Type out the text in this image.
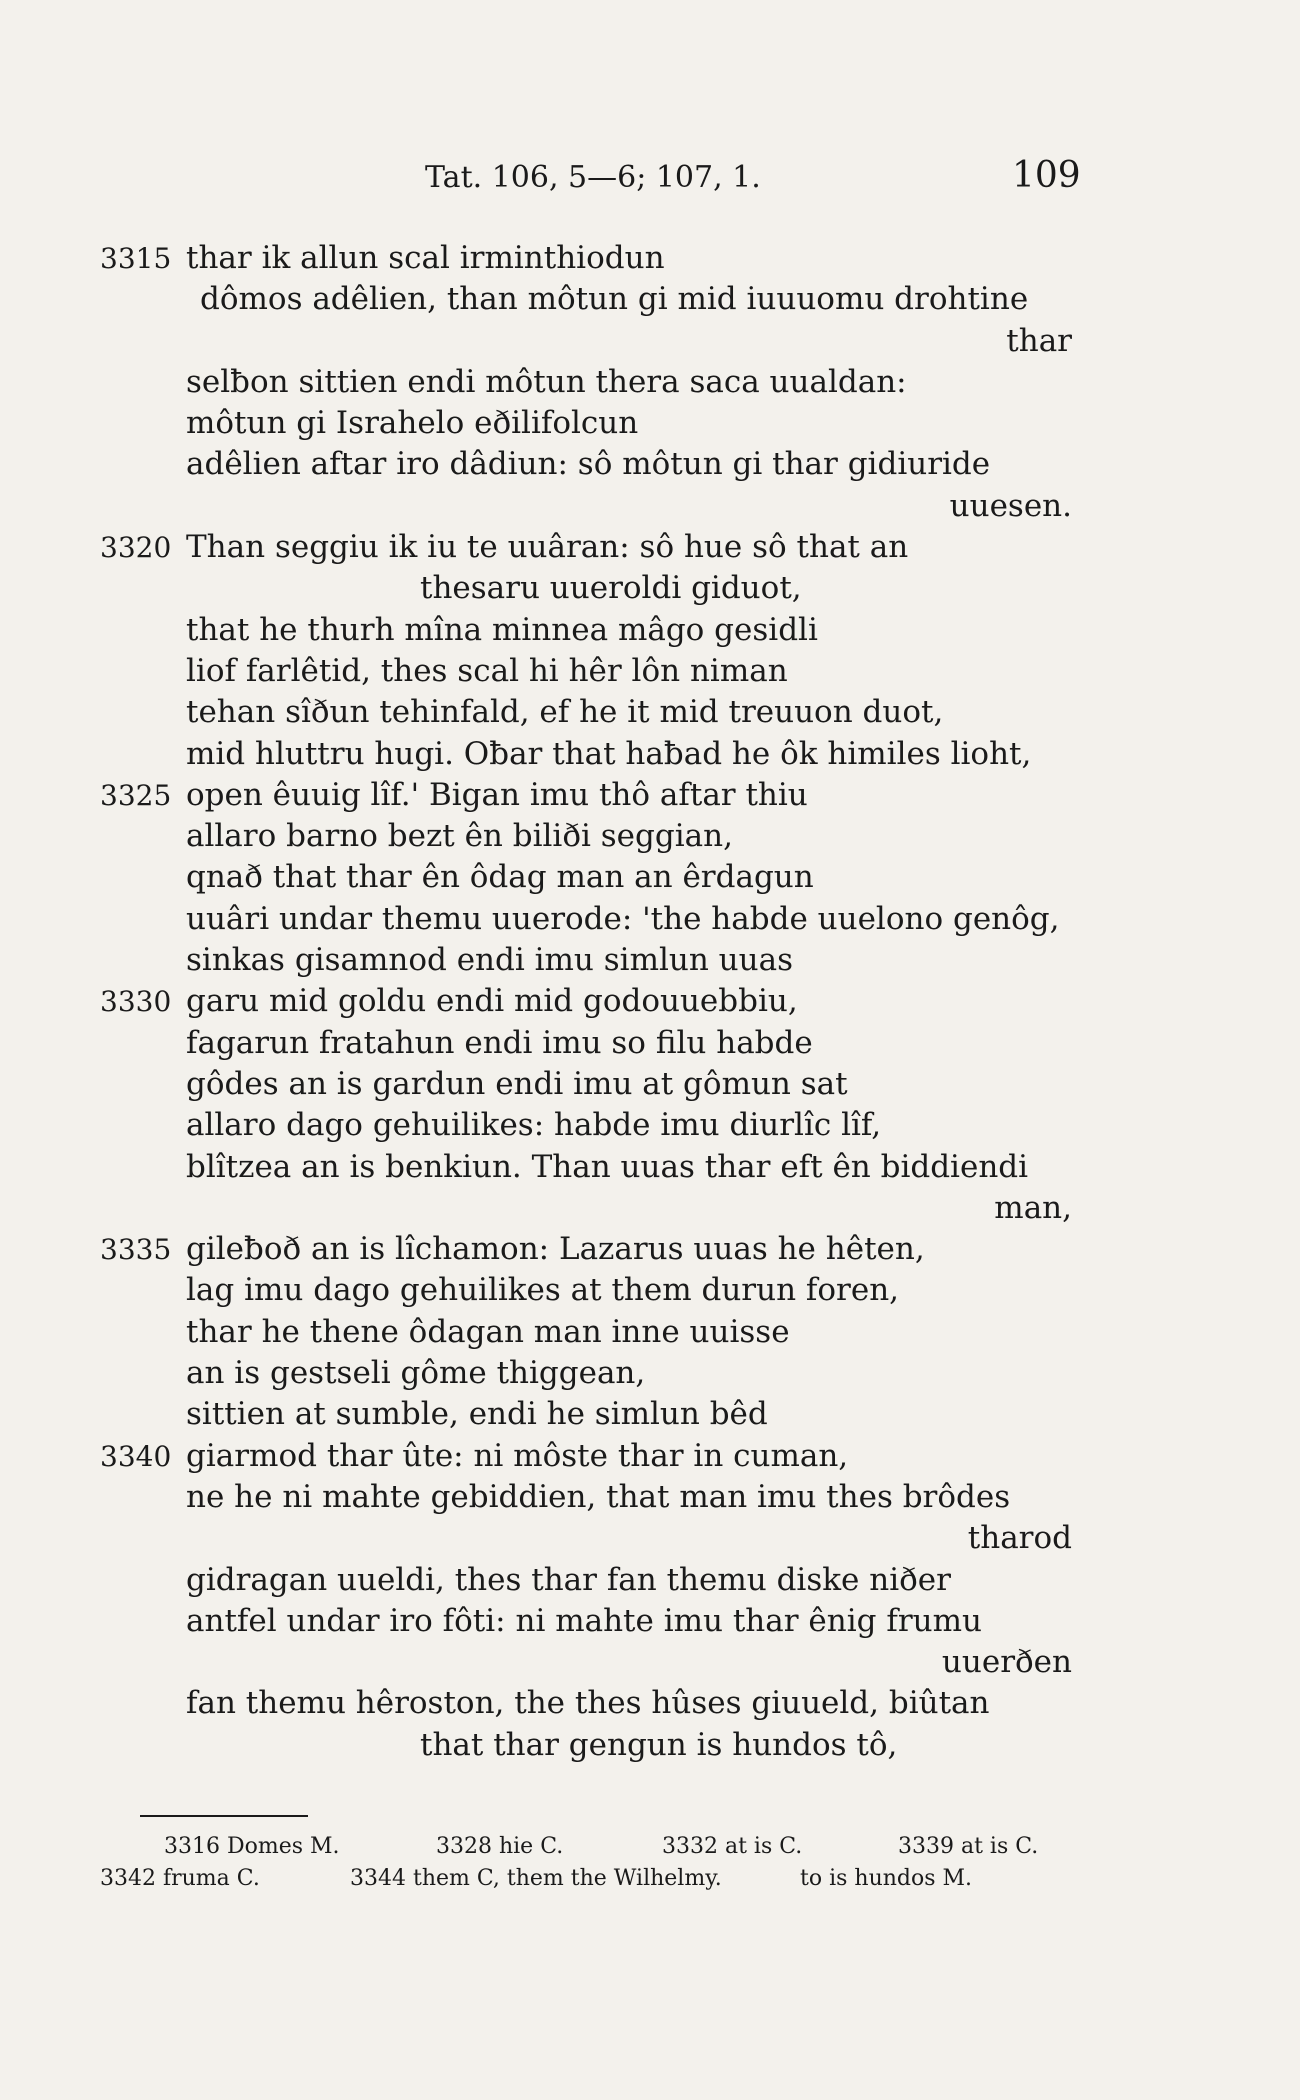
Tat. 106, 5—6; 107, 1.	109
3315 thar ik allun scal irminthiodun
dômos adêlien, than môtun gi mid iuuuomu drohtine
thar
selƀon sittien endi môtun thera saca uualdan:
môtun gi Israhelo eðilifolcun
adêlien aftar iro dâdiun: sô môtun gi thar gidiuride
uuesen.
3320 Than seggiu ik iu te uuâran: sô hue sô that an
thesaru uueroldi giduot,
that he thurh mîna minnea mâgo gesidli
liof farlêtid, thes scal hi hêr lôn niman
tehan sîðun tehinfald, ef he it mid treuuon duot,
mid hluttru hugi. Oƀar that haƀad he ôk himiles lioht,
3325 open êuuig lîf.' Bigan imu thô aftar thiu
allaro barno bezt ên biliði seggian,
qnað that thar ên ôdag man an êrdagun
uuâri undar themu uuerode: 'the habde uuelono genôg,
sinkas gisamnod endi imu simlun uuas
3330 garu mid goldu endi mid godouuebbiu,
fagarun fratahun endi imu so filu habde
gôdes an is gardun endi imu at gômun sat
allaro dago gehuilikes: habde imu diurlîc lîf,
blîtzea an is benkiun. Than uuas thar eft ên biddiendi
man,
3335 gileƀoð an is lîchamon: Lazarus uuas he hêten,
lag imu dago gehuilikes at them durun foren,
thar he thene ôdagan man inne uuisse
an is gestseli gôme thiggean,
sittien at sumble, endi he simlun bêd
3340 giarmod thar ûte: ni môste thar in cuman,
ne he ni mahte gebiddien, that man imu thes brôdes
tharod
gidragan uueldi, thes thar fan themu diske niðer
antfel undar iro fôti: ni mahte imu thar ênig frumu
uuerðen
fan themu hêroston, the thes hûses giuueld, biûtan
that thar gengun is hundos tô,
3316 Domes M.	3328 hie C.	3332 at is C.	3339 at is C.
3342 fruma C.	3344 them C, them the Wilhelmy.	to is hundos M.
